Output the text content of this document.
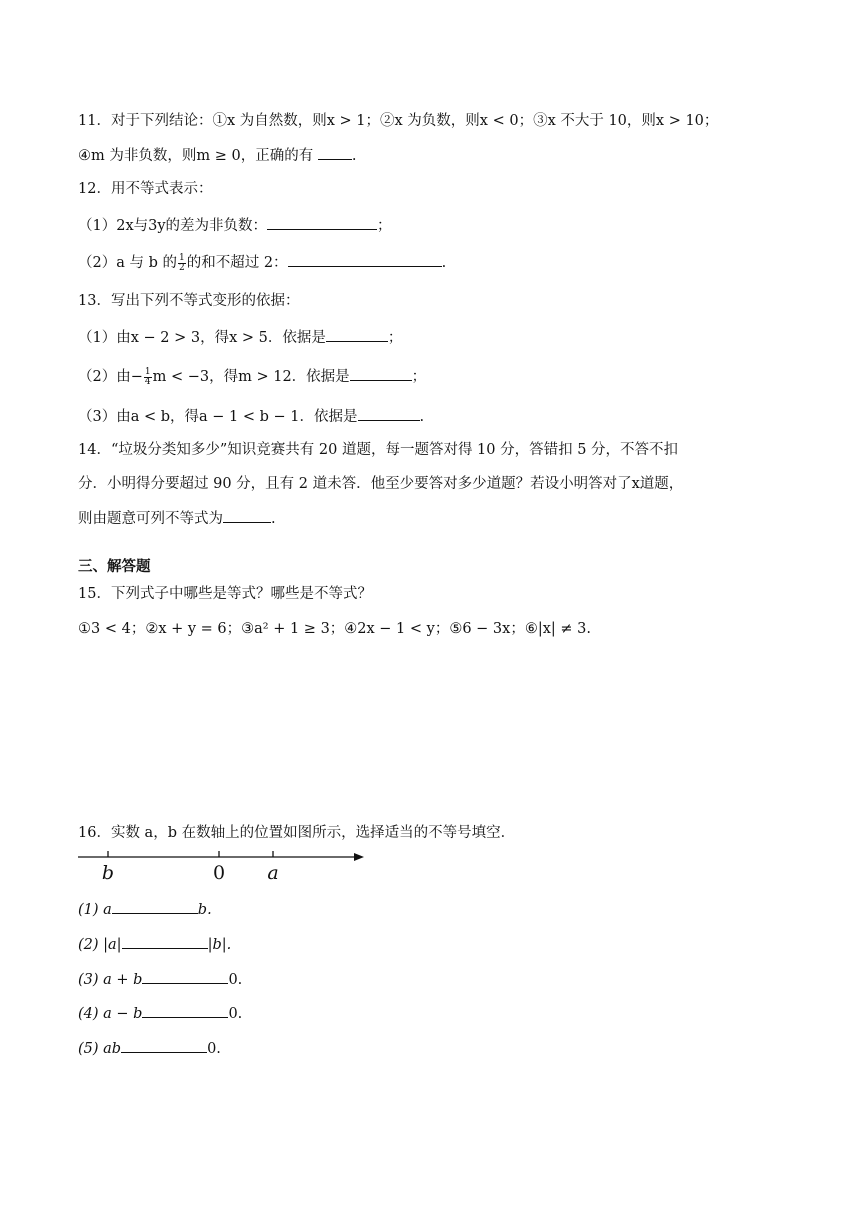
11．对于下列结论：①x 为自然数，则x > 1；②x 为负数，则x < 0；③x 不大于 10，则x > 10；
④m 为非负数，则m ≥ 0，正确的有 .
12．用不等式表示：
（1）2x与3y的差为非负数：	；
（2）a 与 b 的 $\frac{1}{2}$ 的和不超过 2：	.
13．写出下列不等式变形的依据：
（1）由x − 2 > 3，得x > 5．依据是	；
（2）由− $\frac{1}{4}$ m < −3，得m > 12．依据是	；
（3）由a < b，得a − 1 < b − 1．依据是	.
14．“垃圾分类知多少”知识竞赛共有 20 道题，每一题答对得 10 分，答错扣 5 分，不答不扣
分．小明得分要超过 90 分，且有 2 道未答．他至少要答对多少道题？若设小明答对了x道题，
则由题意可列不等式为	.
三、解答题
15．下列式子中哪些是等式？哪些是不等式？
①3 < 4；②x + y = 6；③a² + 1 ≥ 3；④2x − 1 < y；⑤6 − 3x；⑥|x| ≠ 3.
16．实数 a，b 在数轴上的位置如图所示，选择适当的不等号填空．
b	0 a
(1) a	b.
(2) |a|	|b|.
(3) a + b	0.
(4) a − b	0.
(5) ab	0.
